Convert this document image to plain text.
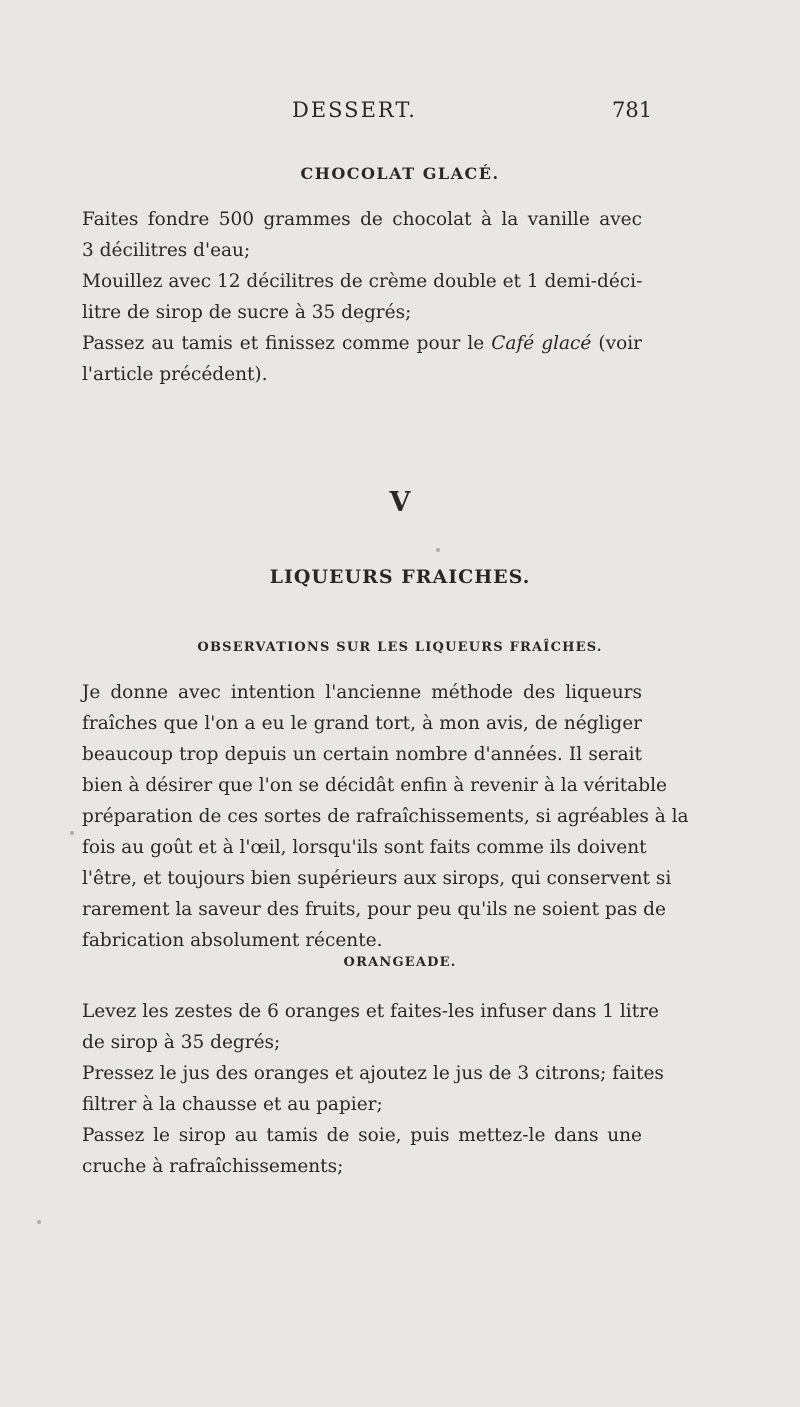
DESSERT.	781
CHOCOLAT GLACÉ.
Faites fondre 500 grammes de chocolat à la vanille avec
3 décilitres d'eau;
Mouillez avec 12 décilitres de crème double et 1 demi-déci-
litre de sirop de sucre à 35 degrés;
Passez au tamis et finissez comme pour le Café glacé (voir
l'article précédent).
V
LIQUEURS FRAICHES.
OBSERVATIONS SUR LES LIQUEURS FRAÎCHES.
Je donne avec intention l'ancienne méthode des liqueurs
fraîches que l'on a eu le grand tort, à mon avis, de négliger
beaucoup trop depuis un certain nombre d'années. Il serait
bien à désirer que l'on se décidât enfin à revenir à la véritable
préparation de ces sortes de rafraîchissements, si agréables à la
fois au goût et à l'œil, lorsqu'ils sont faits comme ils doivent
l'être, et toujours bien supérieurs aux sirops, qui conservent si
rarement la saveur des fruits, pour peu qu'ils ne soient pas de
fabrication absolument récente.
ORANGEADE.
Levez les zestes de 6 oranges et faites-les infuser dans 1 litre
de sirop à 35 degrés;
Pressez le jus des oranges et ajoutez le jus de 3 citrons; faites
filtrer à la chausse et au papier;
Passez le sirop au tamis de soie, puis mettez-le dans une
cruche à rafraîchissements;
